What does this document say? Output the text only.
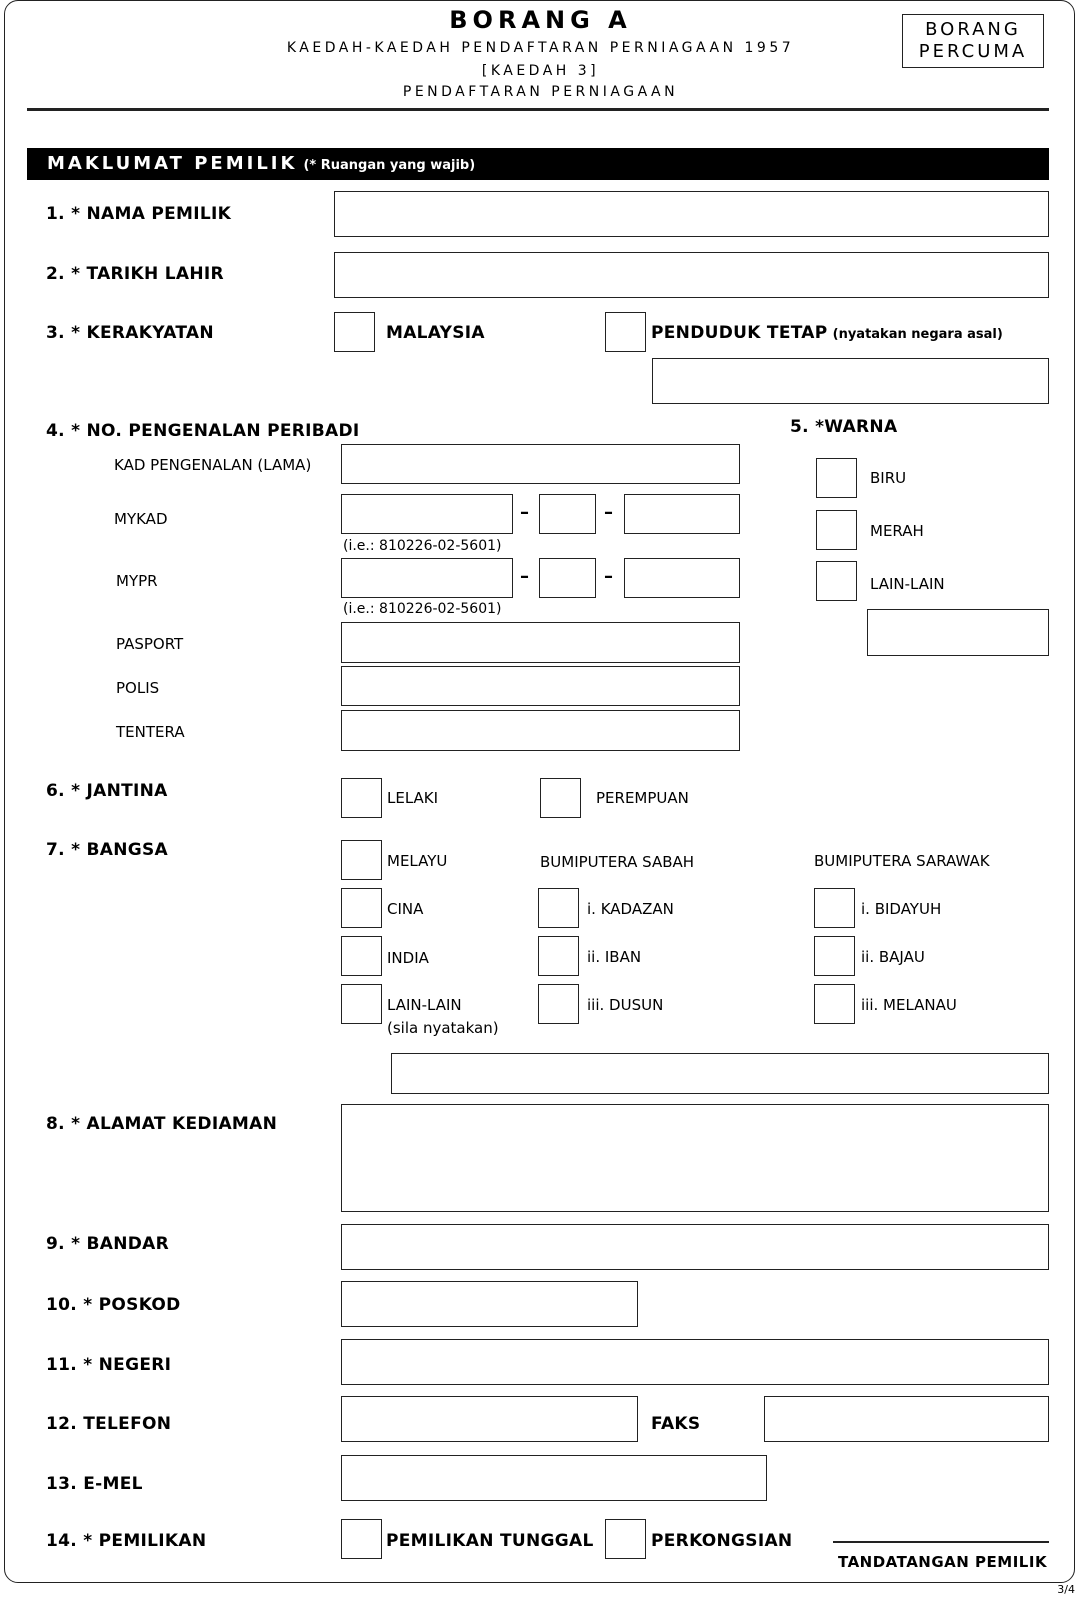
BORANG A
KAEDAH-KAEDAH PENDAFTARAN PERNIAGAAN 1957
[KAEDAH 3]
PENDAFTARAN PERNIAGAAN
BORANG
PERCUMA
MAKLUMAT PEMILIK (* Ruangan yang wajib)
1. * NAMA PEMILIK
2. * TARIKH LAHIR
3. * KERAKYATAN	MALAYSIA	PENDUDUK TETAP (nyatakan negara asal)
4. * NO. PENGENALAN PERIBADI
KAD PENGENALAN (LAMA)
MYKAD	–	–
(i.e.: 810226-02-5601)
MYPR	–	–
(i.e.: 810226-02-5601)
PASPORT
POLIS
TENTERA
5. *WARNA
BIRU
MERAH
LAIN-LAIN
6. * JANTINA	LELAKI	PEREMPUAN
7. * BANGSA
MELAYU
CINA
INDIA
LAIN-LAIN
(sila nyatakan)
BUMIPUTERA SABAH
i. KADAZAN
ii. IBAN
iii. DUSUN
BUMIPUTERA SARAWAK
i. BIDAYUH
ii. BAJAU
iii. MELANAU
8. * ALAMAT KEDIAMAN
9. * BANDAR
10. * POSKOD
11. * NEGERI
12. TELEFON	FAKS
13. E-MEL
14. * PEMILIKAN	PEMILIKAN TUNGGAL	PERKONGSIAN
TANDATANGAN PEMILIK
3/4
